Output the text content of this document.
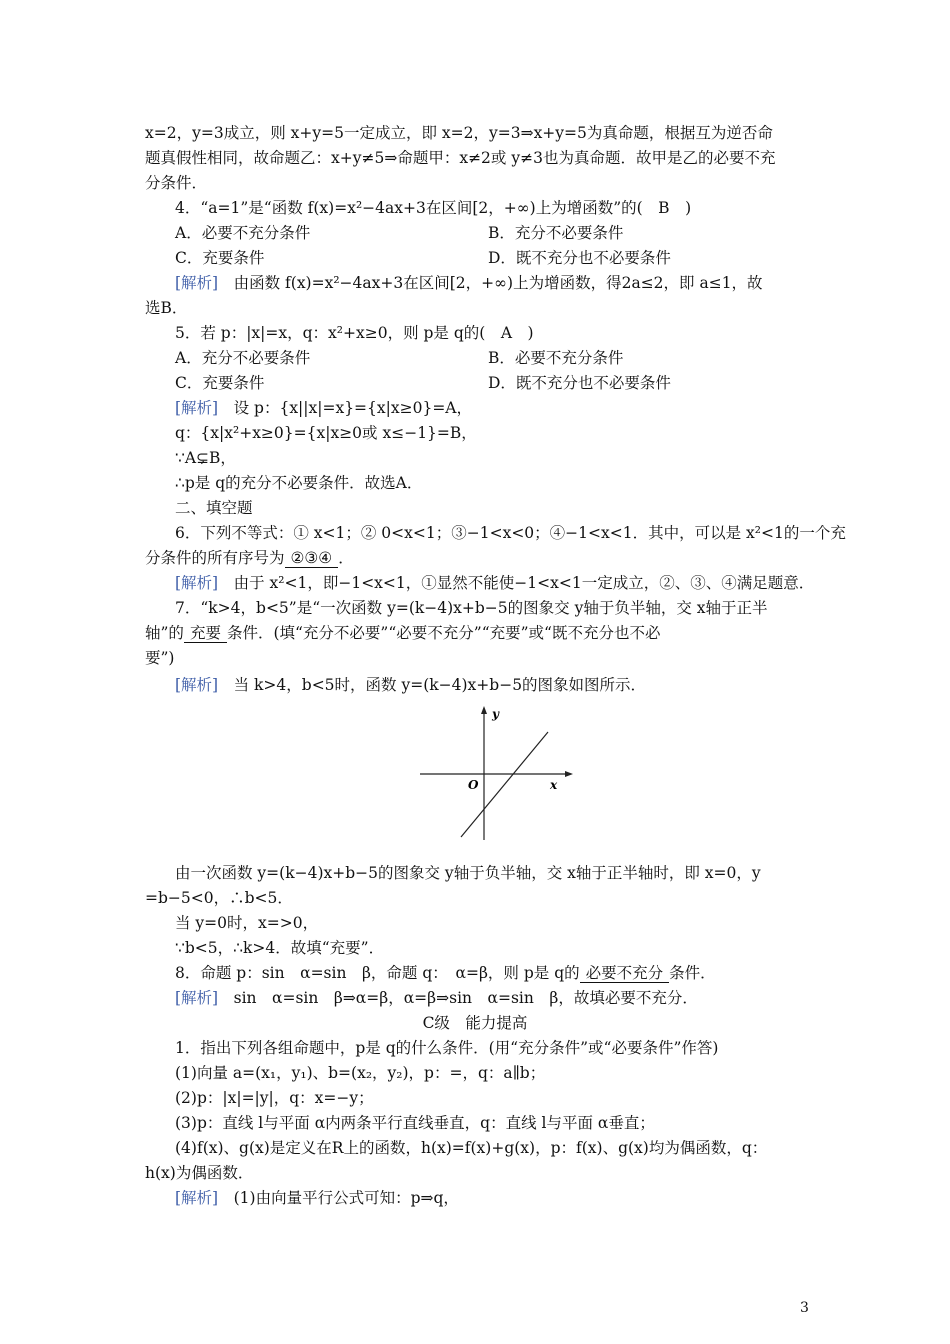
x=2，y=3成立，则 x+y=5一定成立，即 x=2，y=3⇒x+y=5为真命题，根据互为逆否命
题真假性相同，故命题乙：x+y≠5⇒命题甲：x≠2或 y≠3也为真命题．故甲是乙的必要不充
分条件．
4．“a=1”是“函数 f(x)=x²−4ax+3在区间[2，+∞)上为增函数”的(　B　)
A．必要不充分条件	B．充分不必要条件
C．充要条件	D．既不充分也不必要条件
[解析]　由函数 f(x)=x²−4ax+3在区间[2，+∞)上为增函数，得2a≤2，即 a≤1，故
选B．
5．若 p：|x|=x，q：x²+x≥0，则 p是 q的(　A　)
A．充分不必要条件	B．必要不充分条件
C．充要条件	D．既不充分也不必要条件
[解析]　设 p：{x||x|=x}={x|x≥0}=A，
q：{x|x²+x≥0}={x|x≥0或 x≤−1}=B，
∵A⊊B，
∴p是 q的充分不必要条件．故选A．
二、填空题
6．下列不等式：① x<1；② 0<x<1；③−1<x<0；④−1<x<1．其中，可以是 x²<1的一个充
分条件的所有序号为 ②③④ ．
[解析]　由于 x²<1，即−1<x<1，①显然不能使−1<x<1一定成立，②、③、④满足题意．
7．“k>4，b<5”是“一次函数 y=(k−4)x+b−5的图象交 y轴于负半轴，交 x轴于正半
轴”的 充要 条件．(填“充分不必要”“必要不充分”“充要”或“既不充分也不必
要”)
[解析]　当 k>4，b<5时，函数 y=(k−4)x+b−5的图象如图所示．
y
x
O
由一次函数 y=(k−4)x+b−5的图象交 y轴于负半轴，交 x轴于正半轴时，即 x=0，y
=b−5<0，∴b<5．
当 y=0时，x=>0，
∵b<5，∴k>4．故填“充要”．
8．命题 p：sin　α=sin　β，命题 q：　α=β，则 p是 q的 必要不充分 条件．
[解析]　sin　α=sin　β⇒α=β，α=β⇒sin　α=sin　β，故填必要不充分．
C级　能力提高
1．指出下列各组命题中，p是 q的什么条件．(用“充分条件”或“必要条件”作答)
(1)向量 a=(x₁，y₁)、b=(x₂，y₂)，p：=，q：a∥b；
(2)p：|x|=|y|，q：x=−y；
(3)p：直线 l与平面 α内两条平行直线垂直，q：直线 l与平面 α垂直；
(4)f(x)、g(x)是定义在R上的函数，h(x)=f(x)+g(x)，p：f(x)、g(x)均为偶函数，q：
h(x)为偶函数．
[解析]　(1)由向量平行公式可知：p⇒q，
3
